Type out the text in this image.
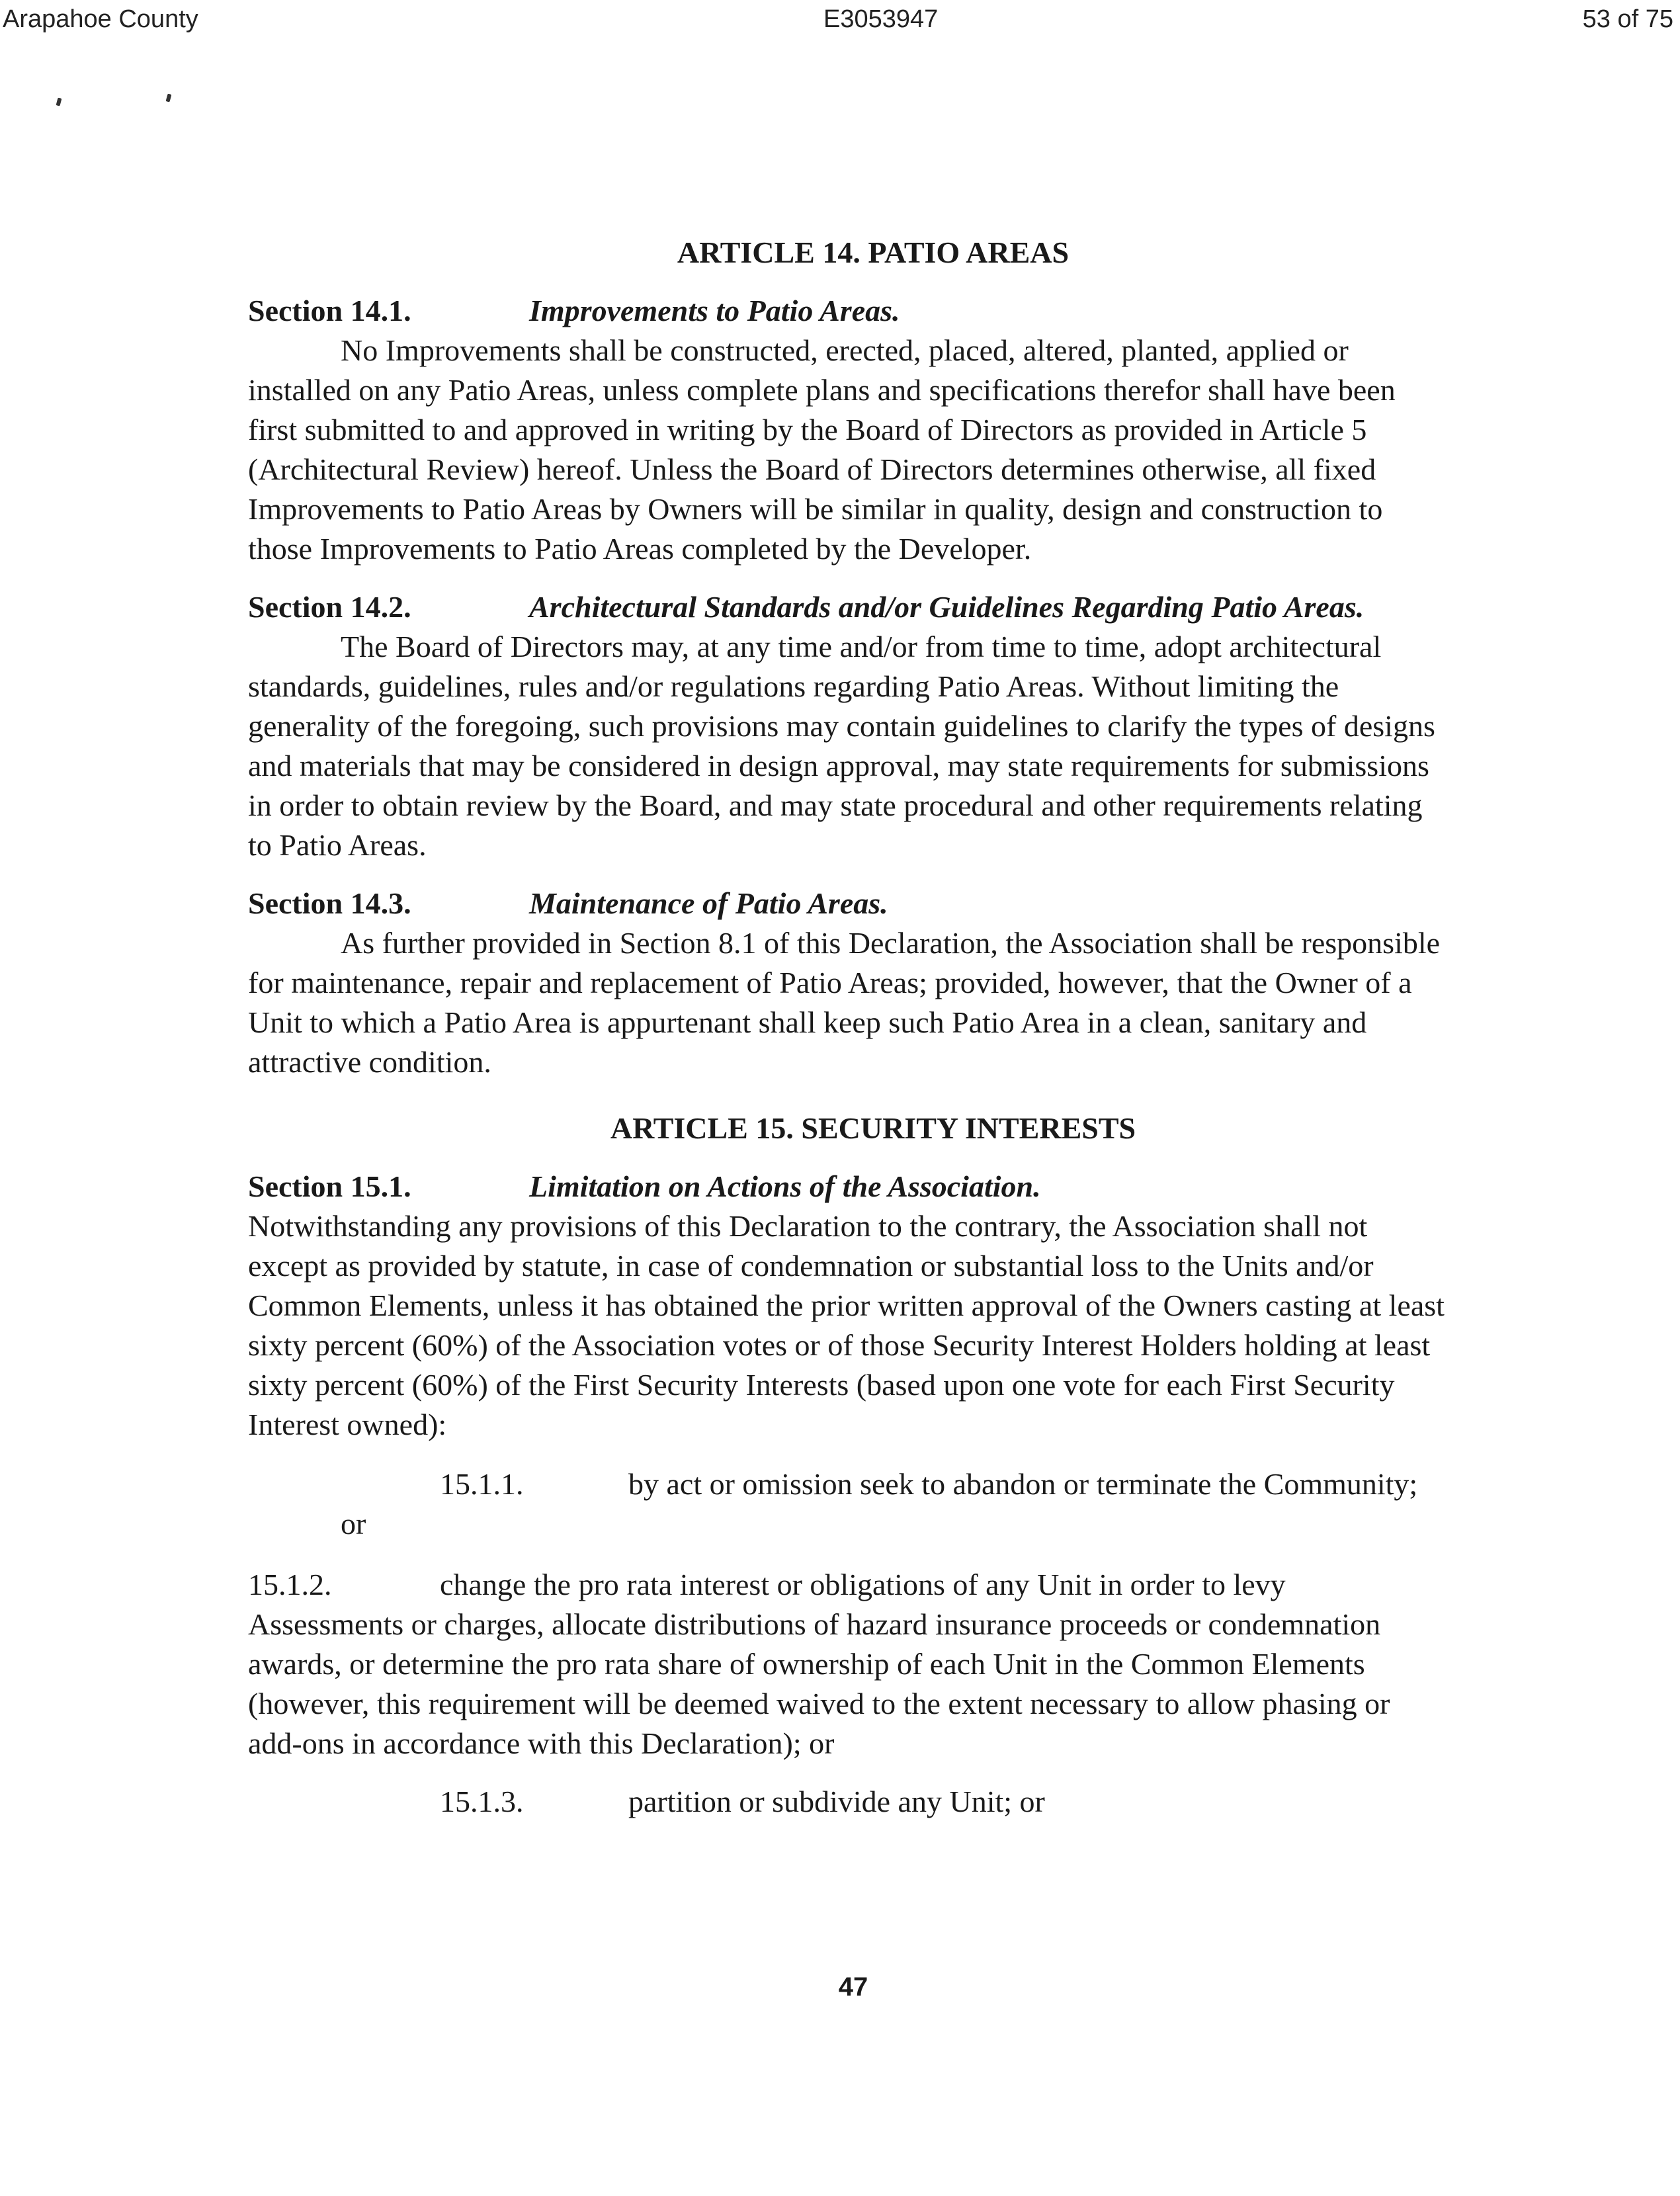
Arapahoe County	E3053947	53 of 75

ARTICLE 14. PATIO AREAS

Section 14.1.	Improvements to Patio Areas.

No Improvements shall be constructed, erected, placed, altered, planted, applied or installed on any Patio Areas, unless complete plans and specifications therefor shall have been first submitted to and approved in writing by the Board of Directors as provided in Article 5 (Architectural Review) hereof. Unless the Board of Directors determines otherwise, all fixed Improvements to Patio Areas by Owners will be similar in quality, design and construction to those Improvements to Patio Areas completed by the Developer.

Section 14.2.	Architectural Standards and/or Guidelines Regarding Patio Areas.

The Board of Directors may, at any time and/or from time to time, adopt architectural standards, guidelines, rules and/or regulations regarding Patio Areas. Without limiting the generality of the foregoing, such provisions may contain guidelines to clarify the types of designs and materials that may be considered in design approval, may state requirements for submissions in order to obtain review by the Board, and may state procedural and other requirements relating to Patio Areas.

Section 14.3.	Maintenance of Patio Areas.

As further provided in Section 8.1 of this Declaration, the Association shall be responsible for maintenance, repair and replacement of Patio Areas; provided, however, that the Owner of a Unit to which a Patio Area is appurtenant shall keep such Patio Area in a clean, sanitary and attractive condition.

ARTICLE 15. SECURITY INTERESTS

Section 15.1.	Limitation on Actions of the Association.

Notwithstanding any provisions of this Declaration to the contrary, the Association shall not except as provided by statute, in case of condemnation or substantial loss to the Units and/or Common Elements, unless it has obtained the prior written approval of the Owners casting at least sixty percent (60%) of the Association votes or of those Security Interest Holders holding at least sixty percent (60%) of the First Security Interests (based upon one vote for each First Security Interest owned):

15.1.1.	by act or omission seek to abandon or terminate the Community;

or

15.1.2.	change the pro rata interest or obligations of any Unit in order to levy Assessments or charges, allocate distributions of hazard insurance proceeds or condemnation awards, or determine the pro rata share of ownership of each Unit in the Common Elements (however, this requirement will be deemed waived to the extent necessary to allow phasing or add-ons in accordance with this Declaration); or

15.1.3.	partition or subdivide any Unit; or
47
